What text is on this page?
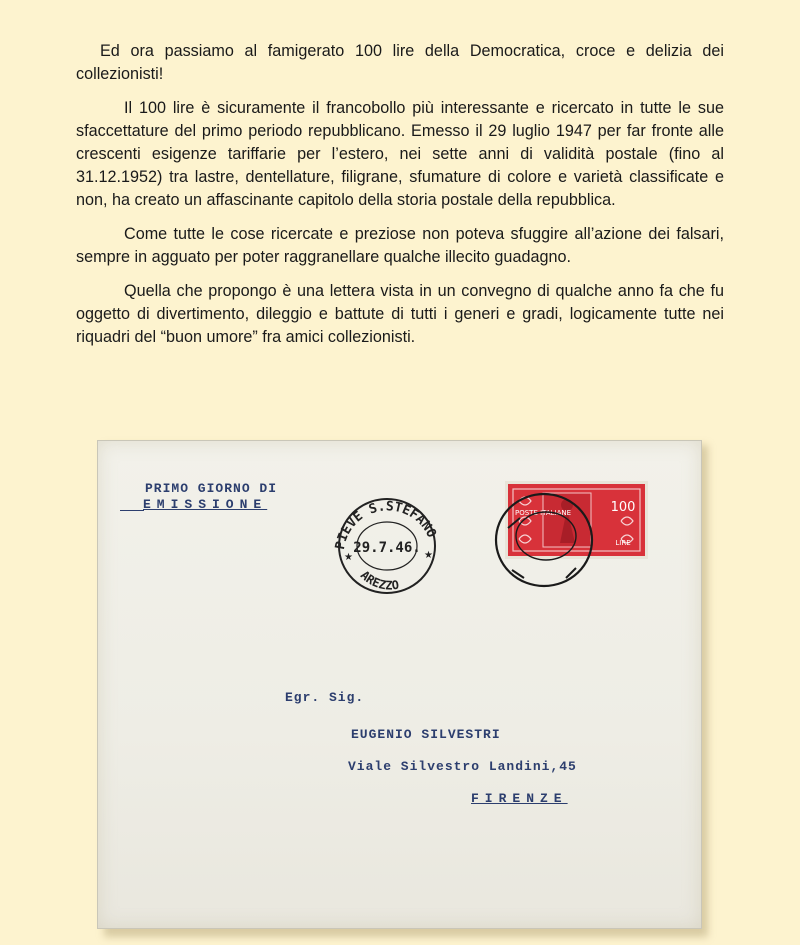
Ed ora passiamo al famigerato 100 lire della Democratica, croce e delizia dei collezionisti!

Il 100 lire è sicuramente il francobollo più interessante e ricercato in tutte le sue sfaccettature del primo periodo repubblicano. Emesso il 29 luglio 1947 per far fronte alle crescenti esigenze tariffarie per l’estero, nei sette anni di validità postale (fino al 31.12.1952) tra lastre, dentellature, filigrane, sfumature di colore e varietà classificate e non, ha creato un affascinante capitolo della storia postale della repubblica.

Come tutte le cose ricercate e preziose non poteva sfuggire all’azione dei falsari, sempre in agguato per poter raggranellare qualche illecito guadagno.

Quella che propongo è una lettera vista in un convegno di qualche anno fa che fu oggetto di divertimento, dileggio e battute di tutti i generi e gradi, logicamente tutte nei riquadri del “buon umore” fra amici collezionisti.

PRIMO GIORNO DI
EMISSIONE
PIEVE S.STEFANO
29.7.46.
AREZZO
★	★
POSTE ITALIANE	100
LIRE
Egr. Sig.
EUGENIO SILVESTRI
Viale Silvestro Landini,45
FIRENZE
